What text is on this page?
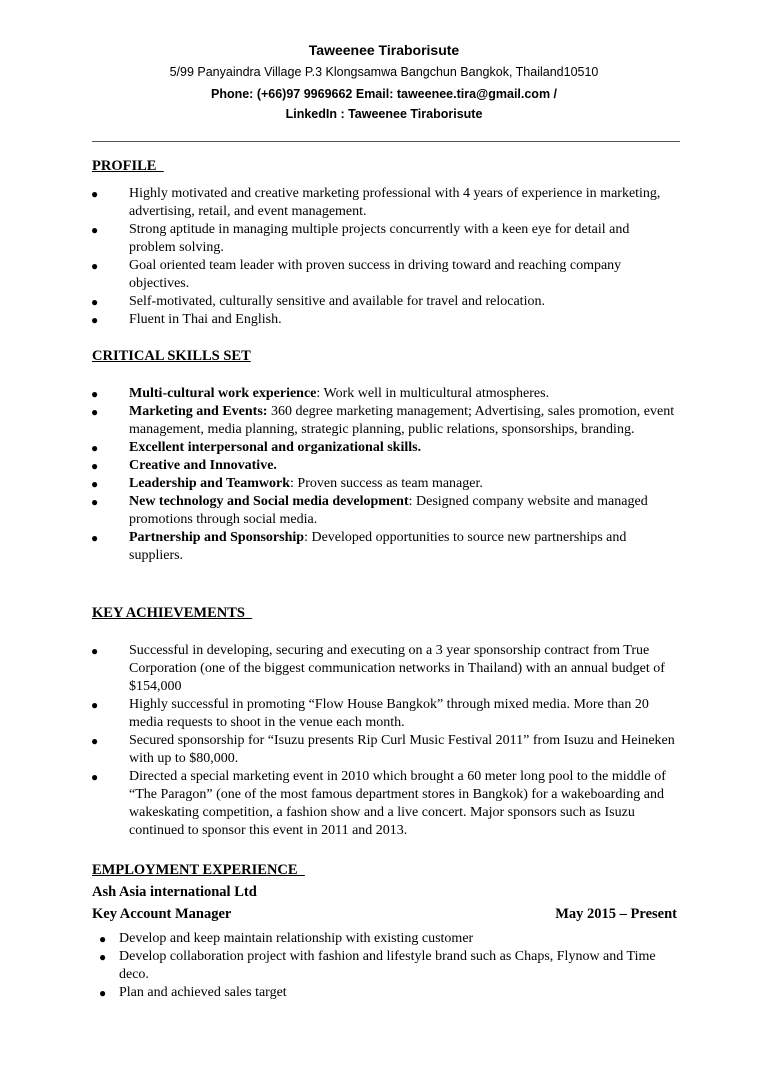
Taweenee Tiraborisute
5/99 Panyaindra Village P.3 Klongsamwa Bangchun Bangkok, Thailand10510
Phone: (+66)97 9969662 Email: taweenee.tira@gmail.com /
LinkedIn : Taweenee Tiraborisute
PROFILE
● Highly motivated and creative marketing professional with 4 years of experience in marketing, advertising, retail, and event management.
● Strong aptitude in managing multiple projects concurrently with a keen eye for detail and problem solving.
● Goal oriented team leader with proven success in driving toward and reaching company objectives.
● Self-motivated, culturally sensitive and available for travel and relocation.
● Fluent in Thai and English.
CRITICAL SKILLS SET
● Multi-cultural work experience: Work well in multicultural atmospheres.
● Marketing and Events: 360 degree marketing management; Advertising, sales promotion, event management, media planning, strategic planning, public relations, sponsorships, branding.
● Excellent interpersonal and organizational skills.
● Creative and Innovative.
● Leadership and Teamwork: Proven success as team manager.
● New technology and Social media development: Designed company website and managed promotions through social media.
● Partnership and Sponsorship: Developed opportunities to source new partnerships and suppliers.
KEY ACHIEVEMENTS
● Successful in developing, securing and executing on a 3 year sponsorship contract from True Corporation (one of the biggest communication networks in Thailand) with an annual budget of $154,000
● Highly successful in promoting “Flow House Bangkok” through mixed media. More than 20 media requests to shoot in the venue each month.
● Secured sponsorship for “Isuzu presents Rip Curl Music Festival 2011” from Isuzu and Heineken with up to $80,000.
● Directed a special marketing event in 2010 which brought a 60 meter long pool to the middle of “The Paragon” (one of the most famous department stores in Bangkok) for a wakeboarding and wakeskating competition, a fashion show and a live concert. Major sponsors such as Isuzu continued to sponsor this event in 2011 and 2013.
EMPLOYMENT EXPERIENCE
Ash Asia international Ltd
Key Account Manager	May 2015 – Present
● Develop and keep maintain relationship with existing customer
● Develop collaboration project with fashion and lifestyle brand such as Chaps, Flynow and Time deco.
● Plan and achieved sales target
